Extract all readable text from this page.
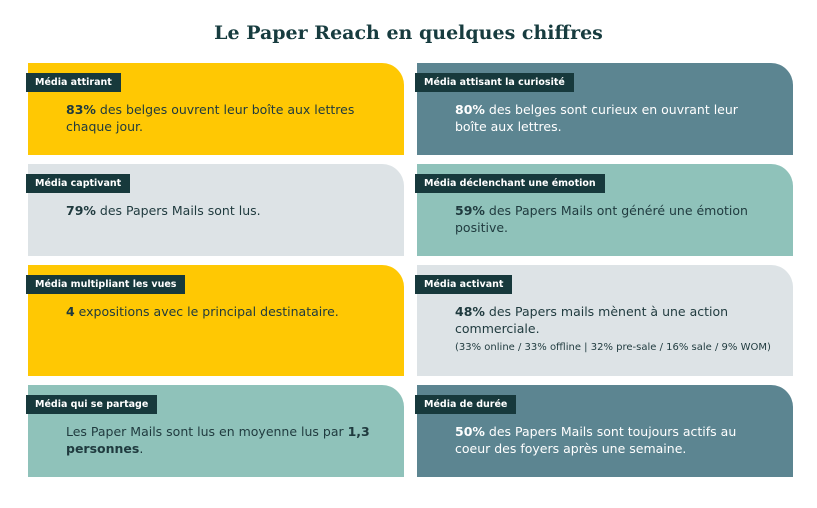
Le Paper Reach en quelques chiffres
Média attirant
83% des belges ouvrent leur boîte aux lettres chaque jour.
Média attisant la curiosité
80% des belges sont curieux en ouvrant leur boîte aux lettres.
Média captivant
79% des Papers Mails sont lus.
Média déclenchant une émotion
59% des Papers Mails ont généré une émotion positive.
Média multipliant les vues
4 expositions avec le principal destinataire.
Média activant
48% des Papers mails mènent à une action commerciale.
(33% online / 33% offline | 32% pre-sale / 16% sale / 9% WOM)
Média qui se partage
Les Paper Mails sont lus en moyenne lus par 1,3 personnes.
Média de durée
50% des Papers Mails sont toujours actifs au coeur des foyers après une semaine.
